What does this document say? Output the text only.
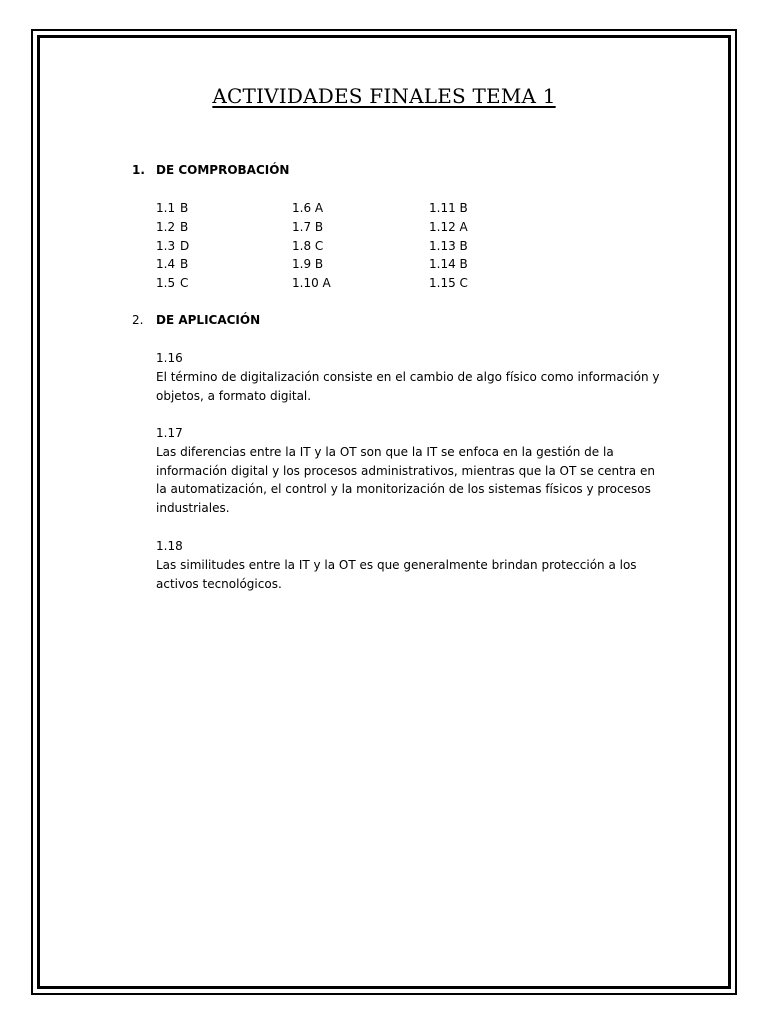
ACTIVIDADES FINALES TEMA 1
1. DE COMPROBACIÓN
1.1 B
1.2 B
1.3 D
1.4 B
1.5 C
1.6 A
1.7 B
1.8 C
1.9 B
1.10 A
1.11 B
1.12 A
1.13 B
1.14 B
1.15 C
2. DE APLICACIÓN

1.16

El término de digitalización consiste en el cambio de algo físico como información y objetos, a formato digital.

1.17

Las diferencias entre la IT y la OT son que la IT se enfoca en la gestión de la información digital y los procesos administrativos, mientras que la OT se centra en la automatización, el control y la monitorización de los sistemas físicos y procesos industriales.

1.18

Las similitudes entre la IT y la OT es que generalmente brindan protección a los activos tecnológicos.
